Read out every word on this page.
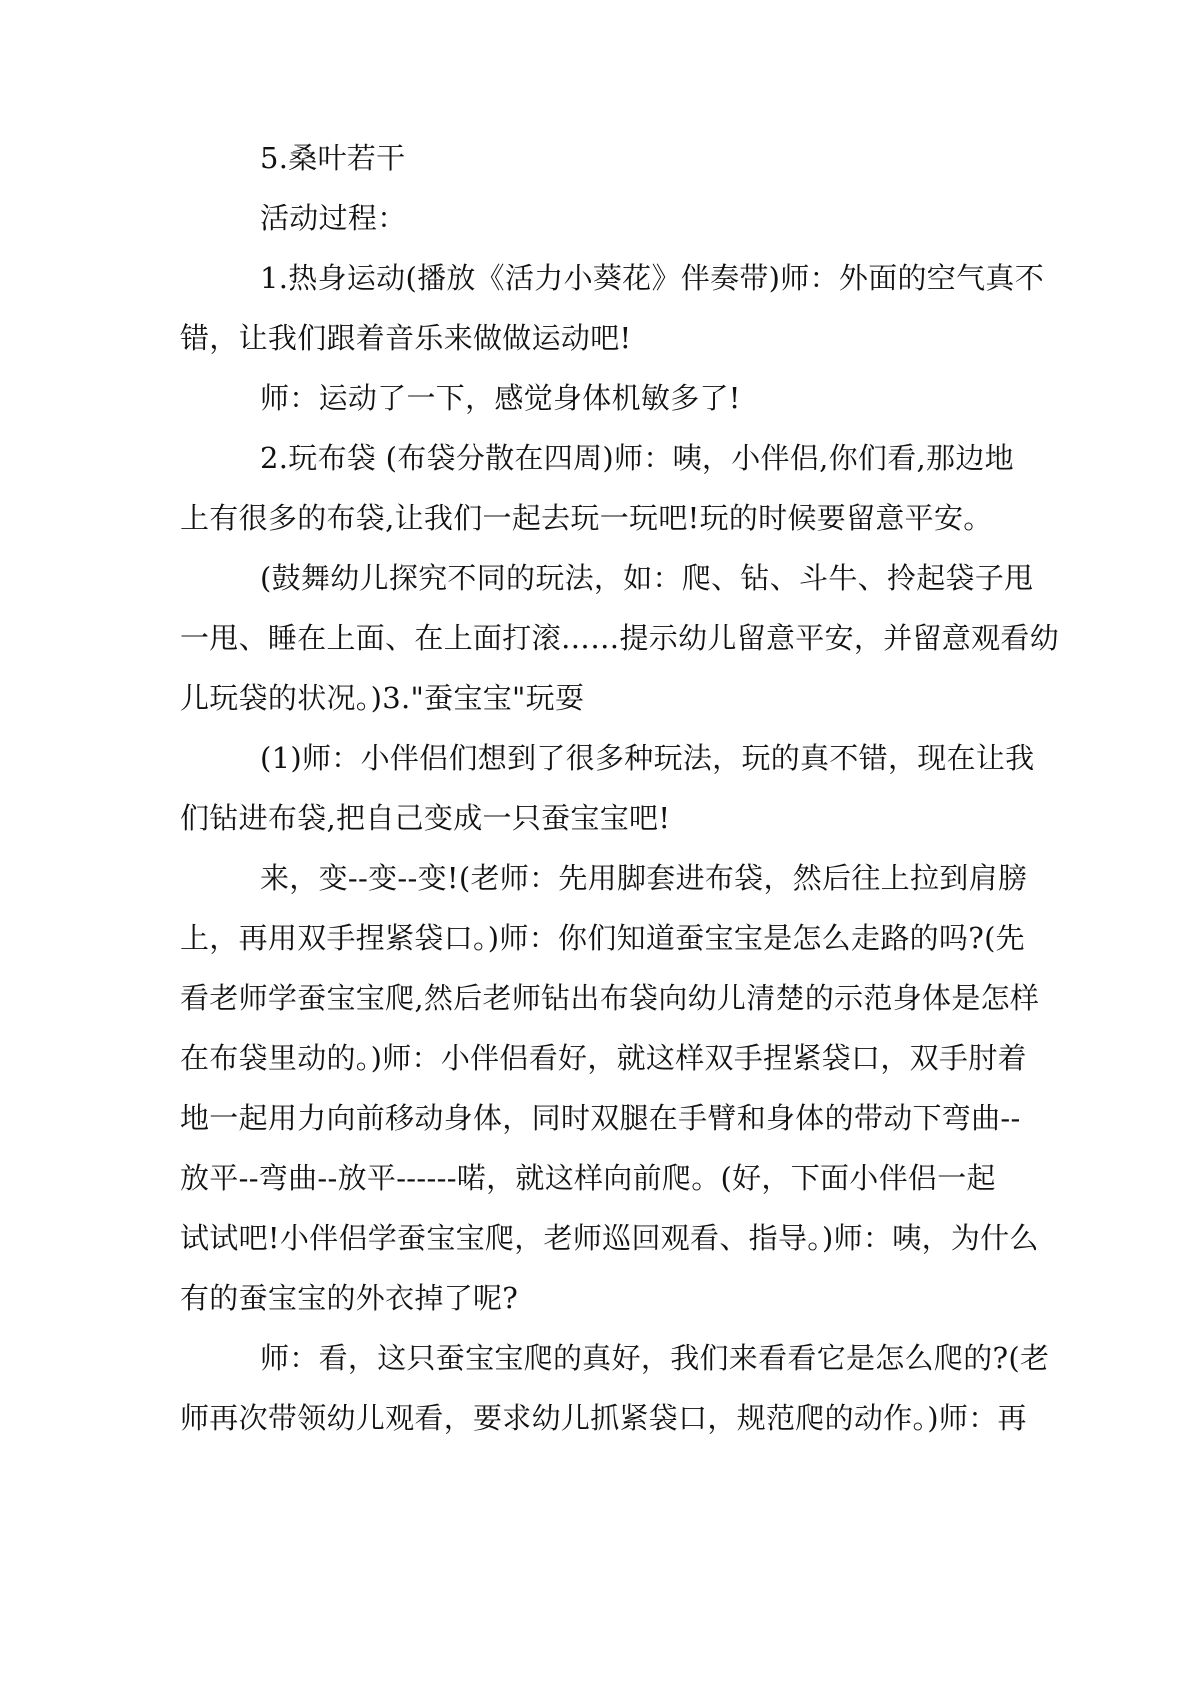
5.桑叶若干
活动过程：
1.热身运动(播放《活力小葵花》伴奏带)师：外面的空气真不
错，让我们跟着音乐来做做运动吧!
师：运动了一下，感觉身体机敏多了!
2.玩布袋 (布袋分散在四周)师：咦，小伴侣,你们看,那边地
上有很多的布袋,让我们一起去玩一玩吧!玩的时候要留意平安。
(鼓舞幼儿探究不同的玩法，如：爬、钻、斗牛、拎起袋子甩
一甩、睡在上面、在上面打滚……提示幼儿留意平安，并留意观看幼
儿玩袋的状况。)3."蚕宝宝"玩耍
(1)师：小伴侣们想到了很多种玩法，玩的真不错，现在让我
们钻进布袋,把自己变成一只蚕宝宝吧!
来，变--变--变!(老师：先用脚套进布袋，然后往上拉到肩膀
上，再用双手捏紧袋口。)师：你们知道蚕宝宝是怎么走路的吗?(先
看老师学蚕宝宝爬,然后老师钻出布袋向幼儿清楚的示范身体是怎样
在布袋里动的。)师：小伴侣看好，就这样双手捏紧袋口，双手肘着
地一起用力向前移动身体，同时双腿在手臂和身体的带动下弯曲--
放平--弯曲--放平------喏，就这样向前爬。(好，下面小伴侣一起
试试吧!小伴侣学蚕宝宝爬，老师巡回观看、指导。)师：咦，为什么
有的蚕宝宝的外衣掉了呢?
师：看，这只蚕宝宝爬的真好，我们来看看它是怎么爬的?(老
师再次带领幼儿观看，要求幼儿抓紧袋口，规范爬的动作。)师：再
